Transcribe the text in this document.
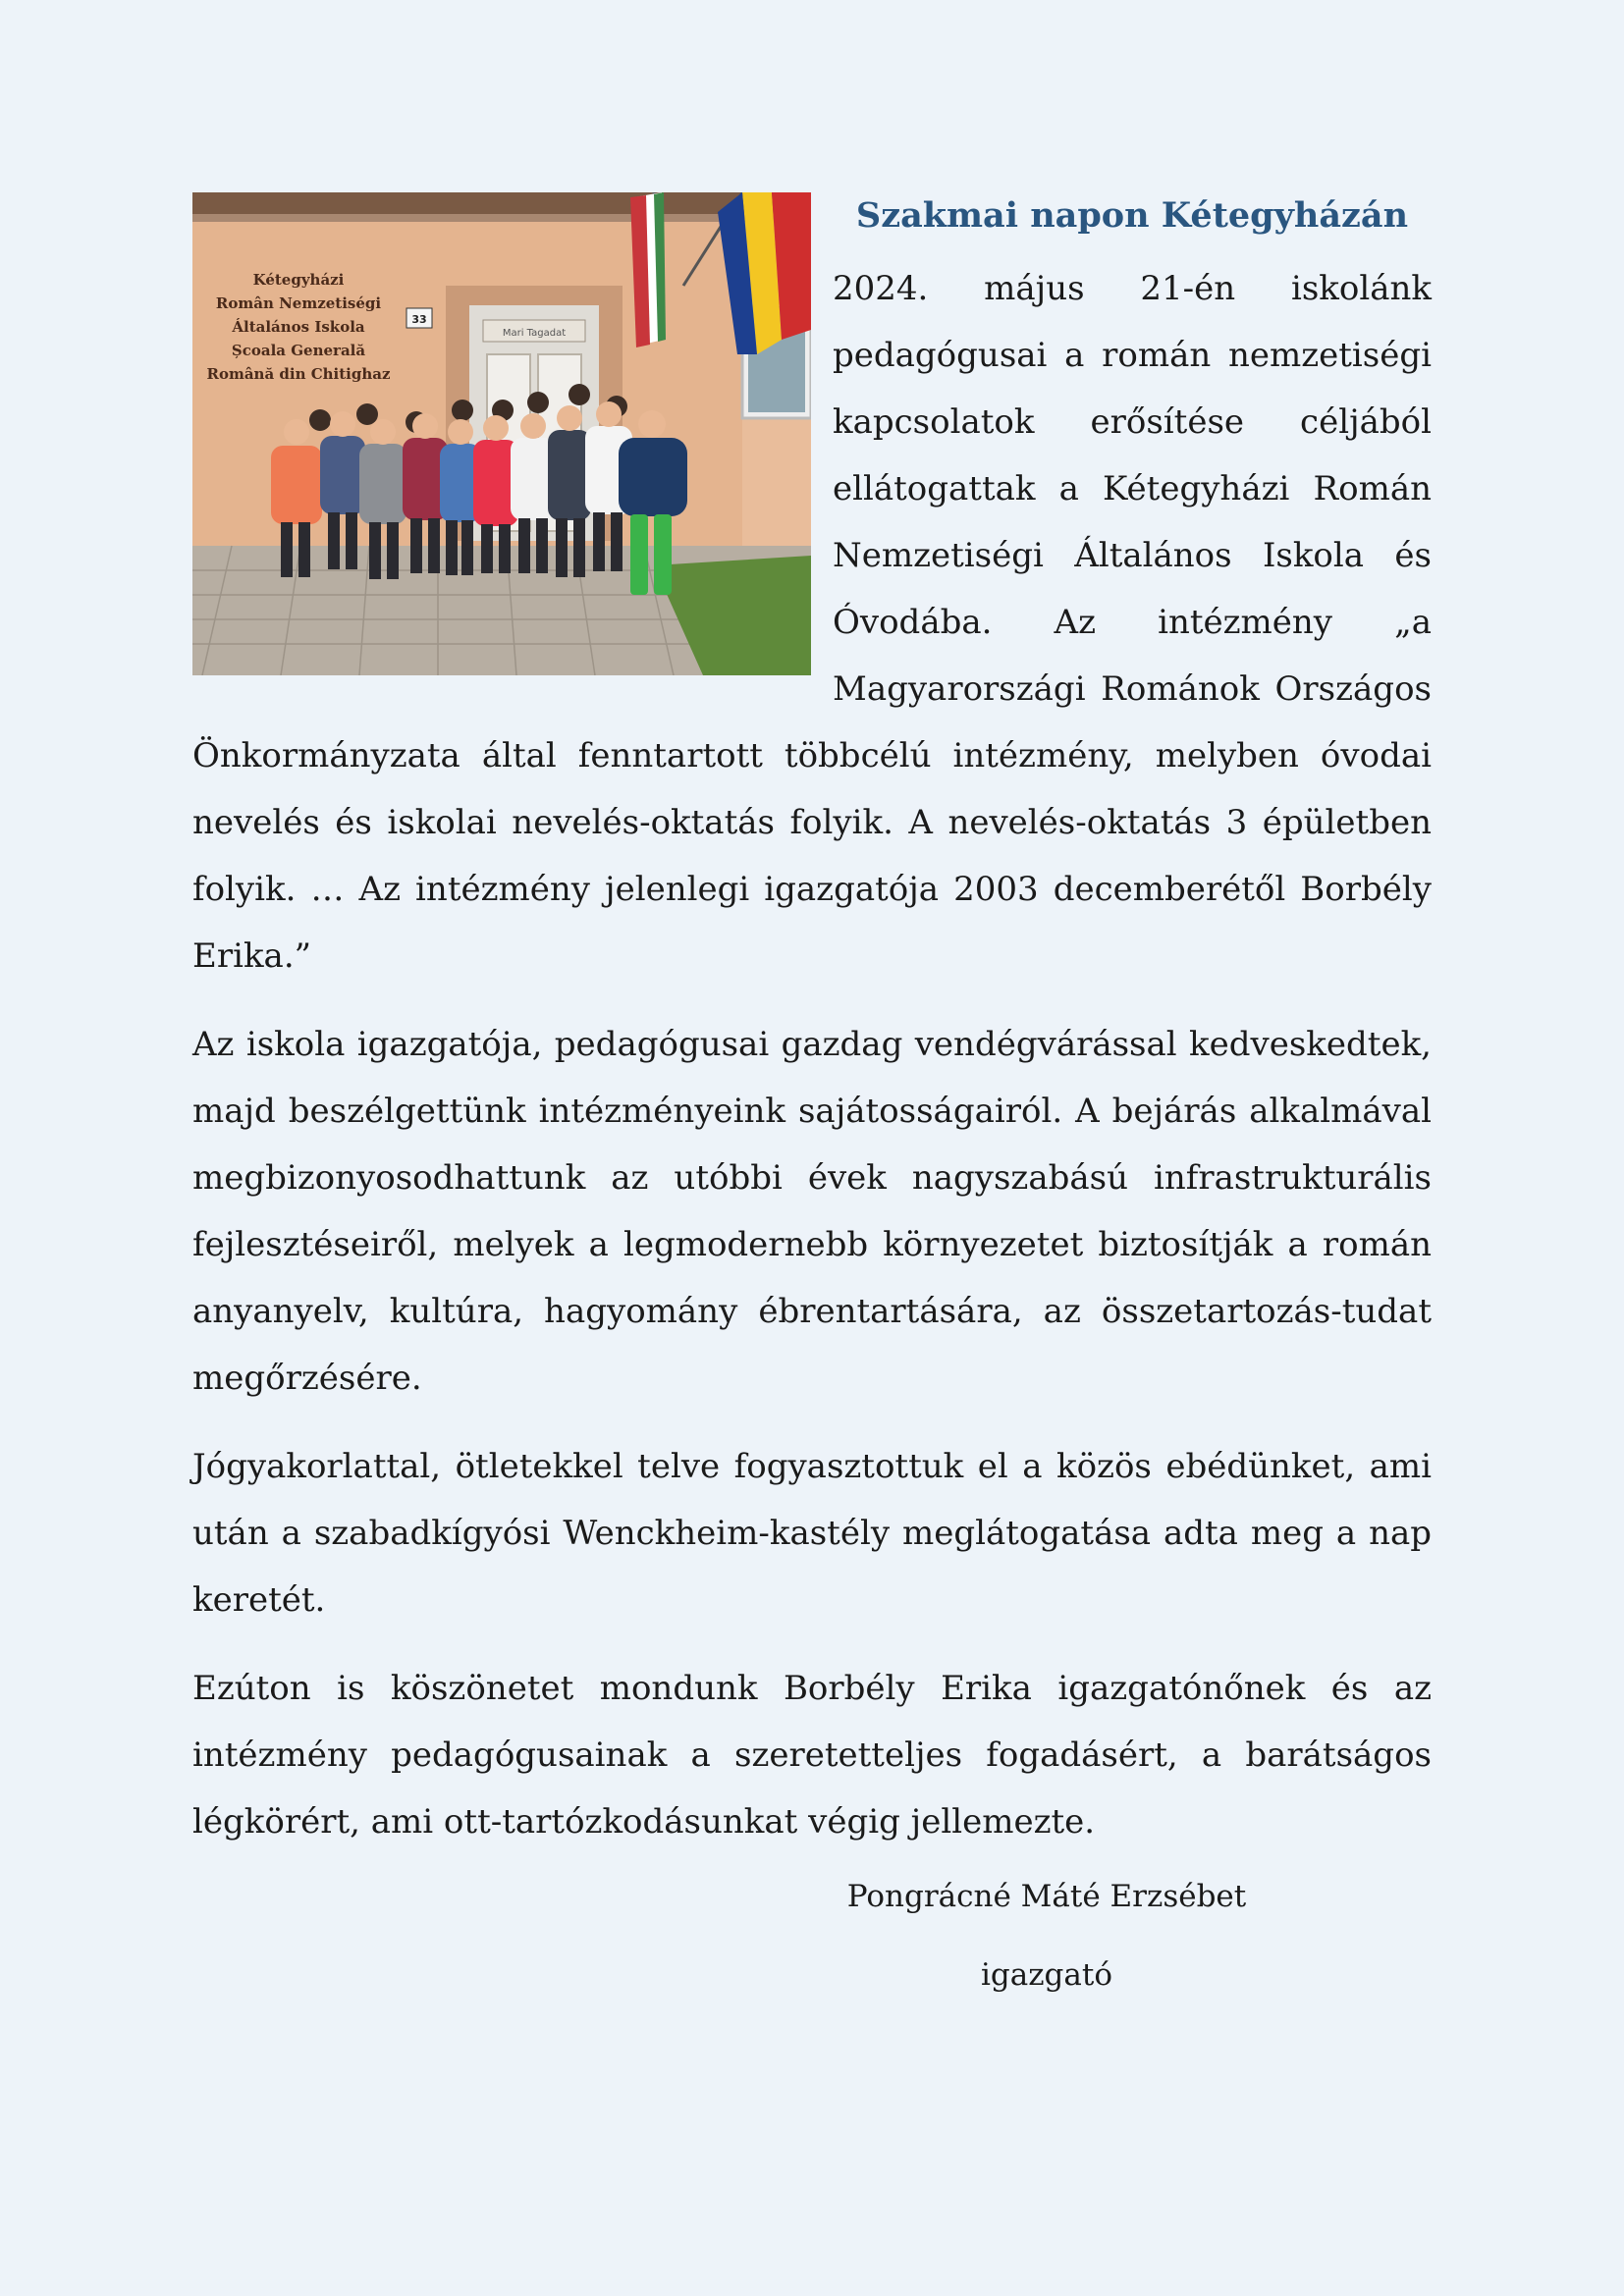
Mari Tagadat
33
Kétegyházi
Român Nemzetiségi
Általános Iskola
Școala Generală
Română din Chitighaz
Szakmai napon Kétegyházán

2024. május 21-én iskolánk pedagógusai a román nemzetiségi kapcsolatok erősítése céljából ellátogattak a Kétegyházi Román Nemzetiségi Általános Iskola és Óvodába. Az intézmény „a Magyarországi Románok Országos Önkormányzata által fenntartott többcélú intézmény, melyben óvodai nevelés és iskolai nevelés-oktatás folyik. A nevelés-oktatás 3 épületben folyik. … Az intézmény jelenlegi igazgatója 2003 decemberétől Borbély Erika.”

Az iskola igazgatója, pedagógusai gazdag vendégvárással kedveskedtek, majd beszélgettünk intézményeink sajátosságairól. A bejárás alkalmával megbizonyosodhattunk az utóbbi évek nagyszabású infrastrukturális fejlesztéseiről, melyek a legmodernebb környezetet biztosítják a román anyanyelv, kultúra, hagyomány ébrentartására, az összetartozás-tudat megőrzésére.

Jógyakorlattal, ötletekkel telve fogyasztottuk el a közös ebédünket, ami után a szabadkígyósi Wenckheim-kastély meglátogatása adta meg a nap keretét.

Ezúton is köszönetet mondunk Borbély Erika igazgatónőnek és az intézmény pedagógusainak a szeretetteljes fogadásért, a barátságos légkörért, ami ott-tartózkodásunkat végig jellemezte.

Pongrácné Máté Erzsébet
igazgató
